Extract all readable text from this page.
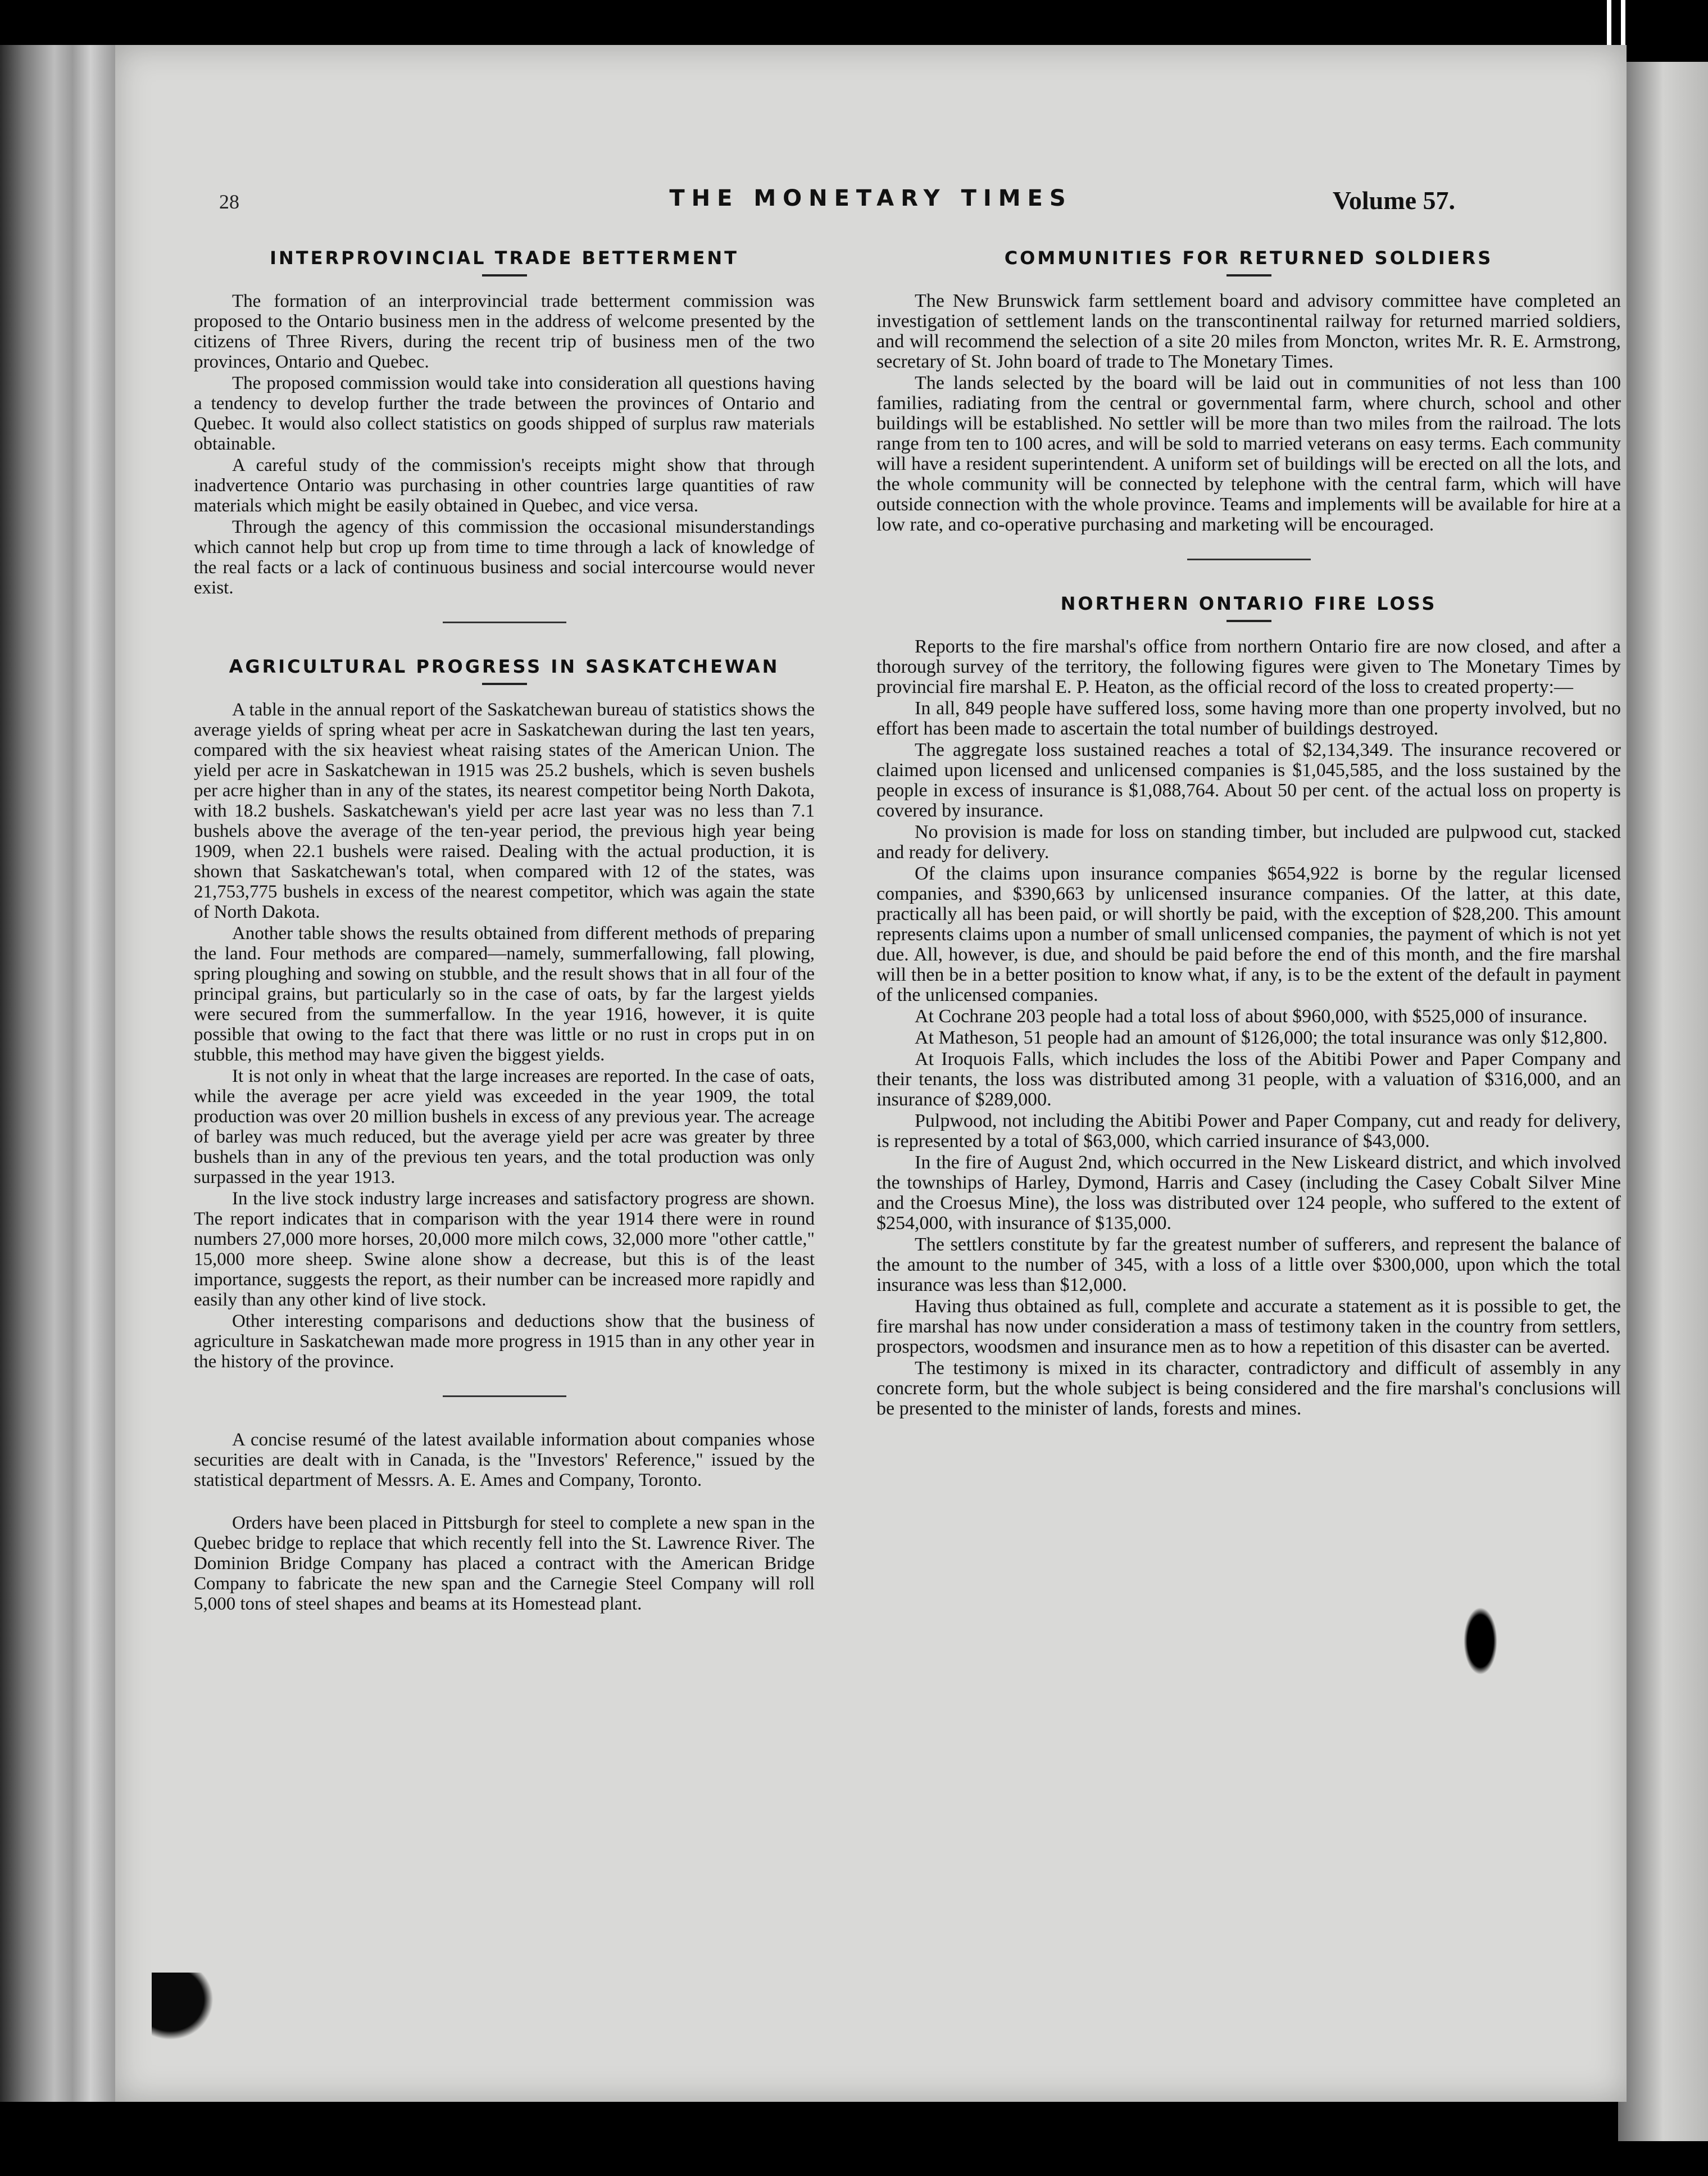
28	THE MONETARY TIMES	Volume 57.
INTERPROVINCIAL TRADE BETTERMENT

The formation of an interprovincial trade betterment commission was proposed to the Ontario business men in the address of welcome presented by the citizens of Three Rivers, during the recent trip of business men of the two provinces, Ontario and Quebec.

The proposed commission would take into consideration all questions having a tendency to develop further the trade between the provinces of Ontario and Quebec. It would also collect statistics on goods shipped of surplus raw materials obtainable.

A careful study of the commission's receipts might show that through inadvertence Ontario was purchasing in other countries large quantities of raw materials which might be easily obtained in Quebec, and vice versa.

Through the agency of this commission the occasional misunderstandings which cannot help but crop up from time to time through a lack of knowledge of the real facts or a lack of continuous business and social intercourse would never exist.

AGRICULTURAL PROGRESS IN SASKATCHEWAN

A table in the annual report of the Saskatchewan bureau of statistics shows the average yields of spring wheat per acre in Saskatchewan during the last ten years, compared with the six heaviest wheat raising states of the American Union. The yield per acre in Saskatchewan in 1915 was 25.2 bushels, which is seven bushels per acre higher than in any of the states, its nearest competitor being North Dakota, with 18.2 bushels. Saskatchewan's yield per acre last year was no less than 7.1 bushels above the average of the ten-year period, the previous high year being 1909, when 22.1 bushels were raised. Dealing with the actual production, it is shown that Saskatchewan's total, when compared with 12 of the states, was 21,753,775 bushels in excess of the nearest competitor, which was again the state of North Dakota.

Another table shows the results obtained from different methods of preparing the land. Four methods are compared—namely, summerfallowing, fall plowing, spring ploughing and sowing on stubble, and the result shows that in all four of the principal grains, but particularly so in the case of oats, by far the largest yields were secured from the summerfallow. In the year 1916, however, it is quite possible that owing to the fact that there was little or no rust in crops put in on stubble, this method may have given the biggest yields.

It is not only in wheat that the large increases are reported. In the case of oats, while the average per acre yield was exceeded in the year 1909, the total production was over 20 million bushels in excess of any previous year. The acreage of barley was much reduced, but the average yield per acre was greater by three bushels than in any of the previous ten years, and the total production was only surpassed in the year 1913.

In the live stock industry large increases and satisfactory progress are shown. The report indicates that in comparison with the year 1914 there were in round numbers 27,000 more horses, 20,000 more milch cows, 32,000 more "other cattle," 15,000 more sheep. Swine alone show a decrease, but this is of the least importance, suggests the report, as their number can be increased more rapidly and easily than any other kind of live stock.

Other interesting comparisons and deductions show that the business of agriculture in Saskatchewan made more progress in 1915 than in any other year in the history of the province.

A concise resumé of the latest available information about companies whose securities are dealt with in Canada, is the "Investors' Reference," issued by the statistical department of Messrs. A. E. Ames and Company, Toronto.

Orders have been placed in Pittsburgh for steel to complete a new span in the Quebec bridge to replace that which recently fell into the St. Lawrence River. The Dominion Bridge Company has placed a contract with the American Bridge Company to fabricate the new span and the Carnegie Steel Company will roll 5,000 tons of steel shapes and beams at its Homestead plant.

COMMUNITIES FOR RETURNED SOLDIERS

The New Brunswick farm settlement board and advisory committee have completed an investigation of settlement lands on the transcontinental railway for returned married soldiers, and will recommend the selection of a site 20 miles from Moncton, writes Mr. R. E. Armstrong, secretary of St. John board of trade to The Monetary Times.

The lands selected by the board will be laid out in communities of not less than 100 families, radiating from the central or governmental farm, where church, school and other buildings will be established. No settler will be more than two miles from the railroad. The lots range from ten to 100 acres, and will be sold to married veterans on easy terms. Each community will have a resident superintendent. A uniform set of buildings will be erected on all the lots, and the whole community will be connected by telephone with the central farm, which will have outside connection with the whole province. Teams and implements will be available for hire at a low rate, and co-operative purchasing and marketing will be encouraged.

NORTHERN ONTARIO FIRE LOSS

Reports to the fire marshal's office from northern Ontario fire are now closed, and after a thorough survey of the territory, the following figures were given to The Monetary Times by provincial fire marshal E. P. Heaton, as the official record of the loss to created property:—

In all, 849 people have suffered loss, some having more than one property involved, but no effort has been made to ascertain the total number of buildings destroyed.

The aggregate loss sustained reaches a total of $2,134,349. The insurance recovered or claimed upon licensed and unlicensed companies is $1,045,585, and the loss sustained by the people in excess of insurance is $1,088,764. About 50 per cent. of the actual loss on property is covered by insurance.

No provision is made for loss on standing timber, but included are pulpwood cut, stacked and ready for delivery.

Of the claims upon insurance companies $654,922 is borne by the regular licensed companies, and $390,663 by unlicensed insurance companies. Of the latter, at this date, practically all has been paid, or will shortly be paid, with the exception of $28,200. This amount represents claims upon a number of small unlicensed companies, the payment of which is not yet due. All, however, is due, and should be paid before the end of this month, and the fire marshal will then be in a better position to know what, if any, is to be the extent of the default in payment of the unlicensed companies.

At Cochrane 203 people had a total loss of about $960,000, with $525,000 of insurance.

At Matheson, 51 people had an amount of $126,000; the total insurance was only $12,800.

At Iroquois Falls, which includes the loss of the Abitibi Power and Paper Company and their tenants, the loss was distributed among 31 people, with a valuation of $316,000, and an insurance of $289,000.

Pulpwood, not including the Abitibi Power and Paper Company, cut and ready for delivery, is represented by a total of $63,000, which carried insurance of $43,000.

In the fire of August 2nd, which occurred in the New Liskeard district, and which involved the townships of Harley, Dymond, Harris and Casey (including the Casey Cobalt Silver Mine and the Croesus Mine), the loss was distributed over 124 people, who suffered to the extent of $254,000, with insurance of $135,000.

The settlers constitute by far the greatest number of sufferers, and represent the balance of the amount to the number of 345, with a loss of a little over $300,000, upon which the total insurance was less than $12,000.

Having thus obtained as full, complete and accurate a statement as it is possible to get, the fire marshal has now under consideration a mass of testimony taken in the country from settlers, prospectors, woodsmen and insurance men as to how a repetition of this disaster can be averted.

The testimony is mixed in its character, contradictory and difficult of assembly in any concrete form, but the whole subject is being considered and the fire marshal's conclusions will be presented to the minister of lands, forests and mines.
